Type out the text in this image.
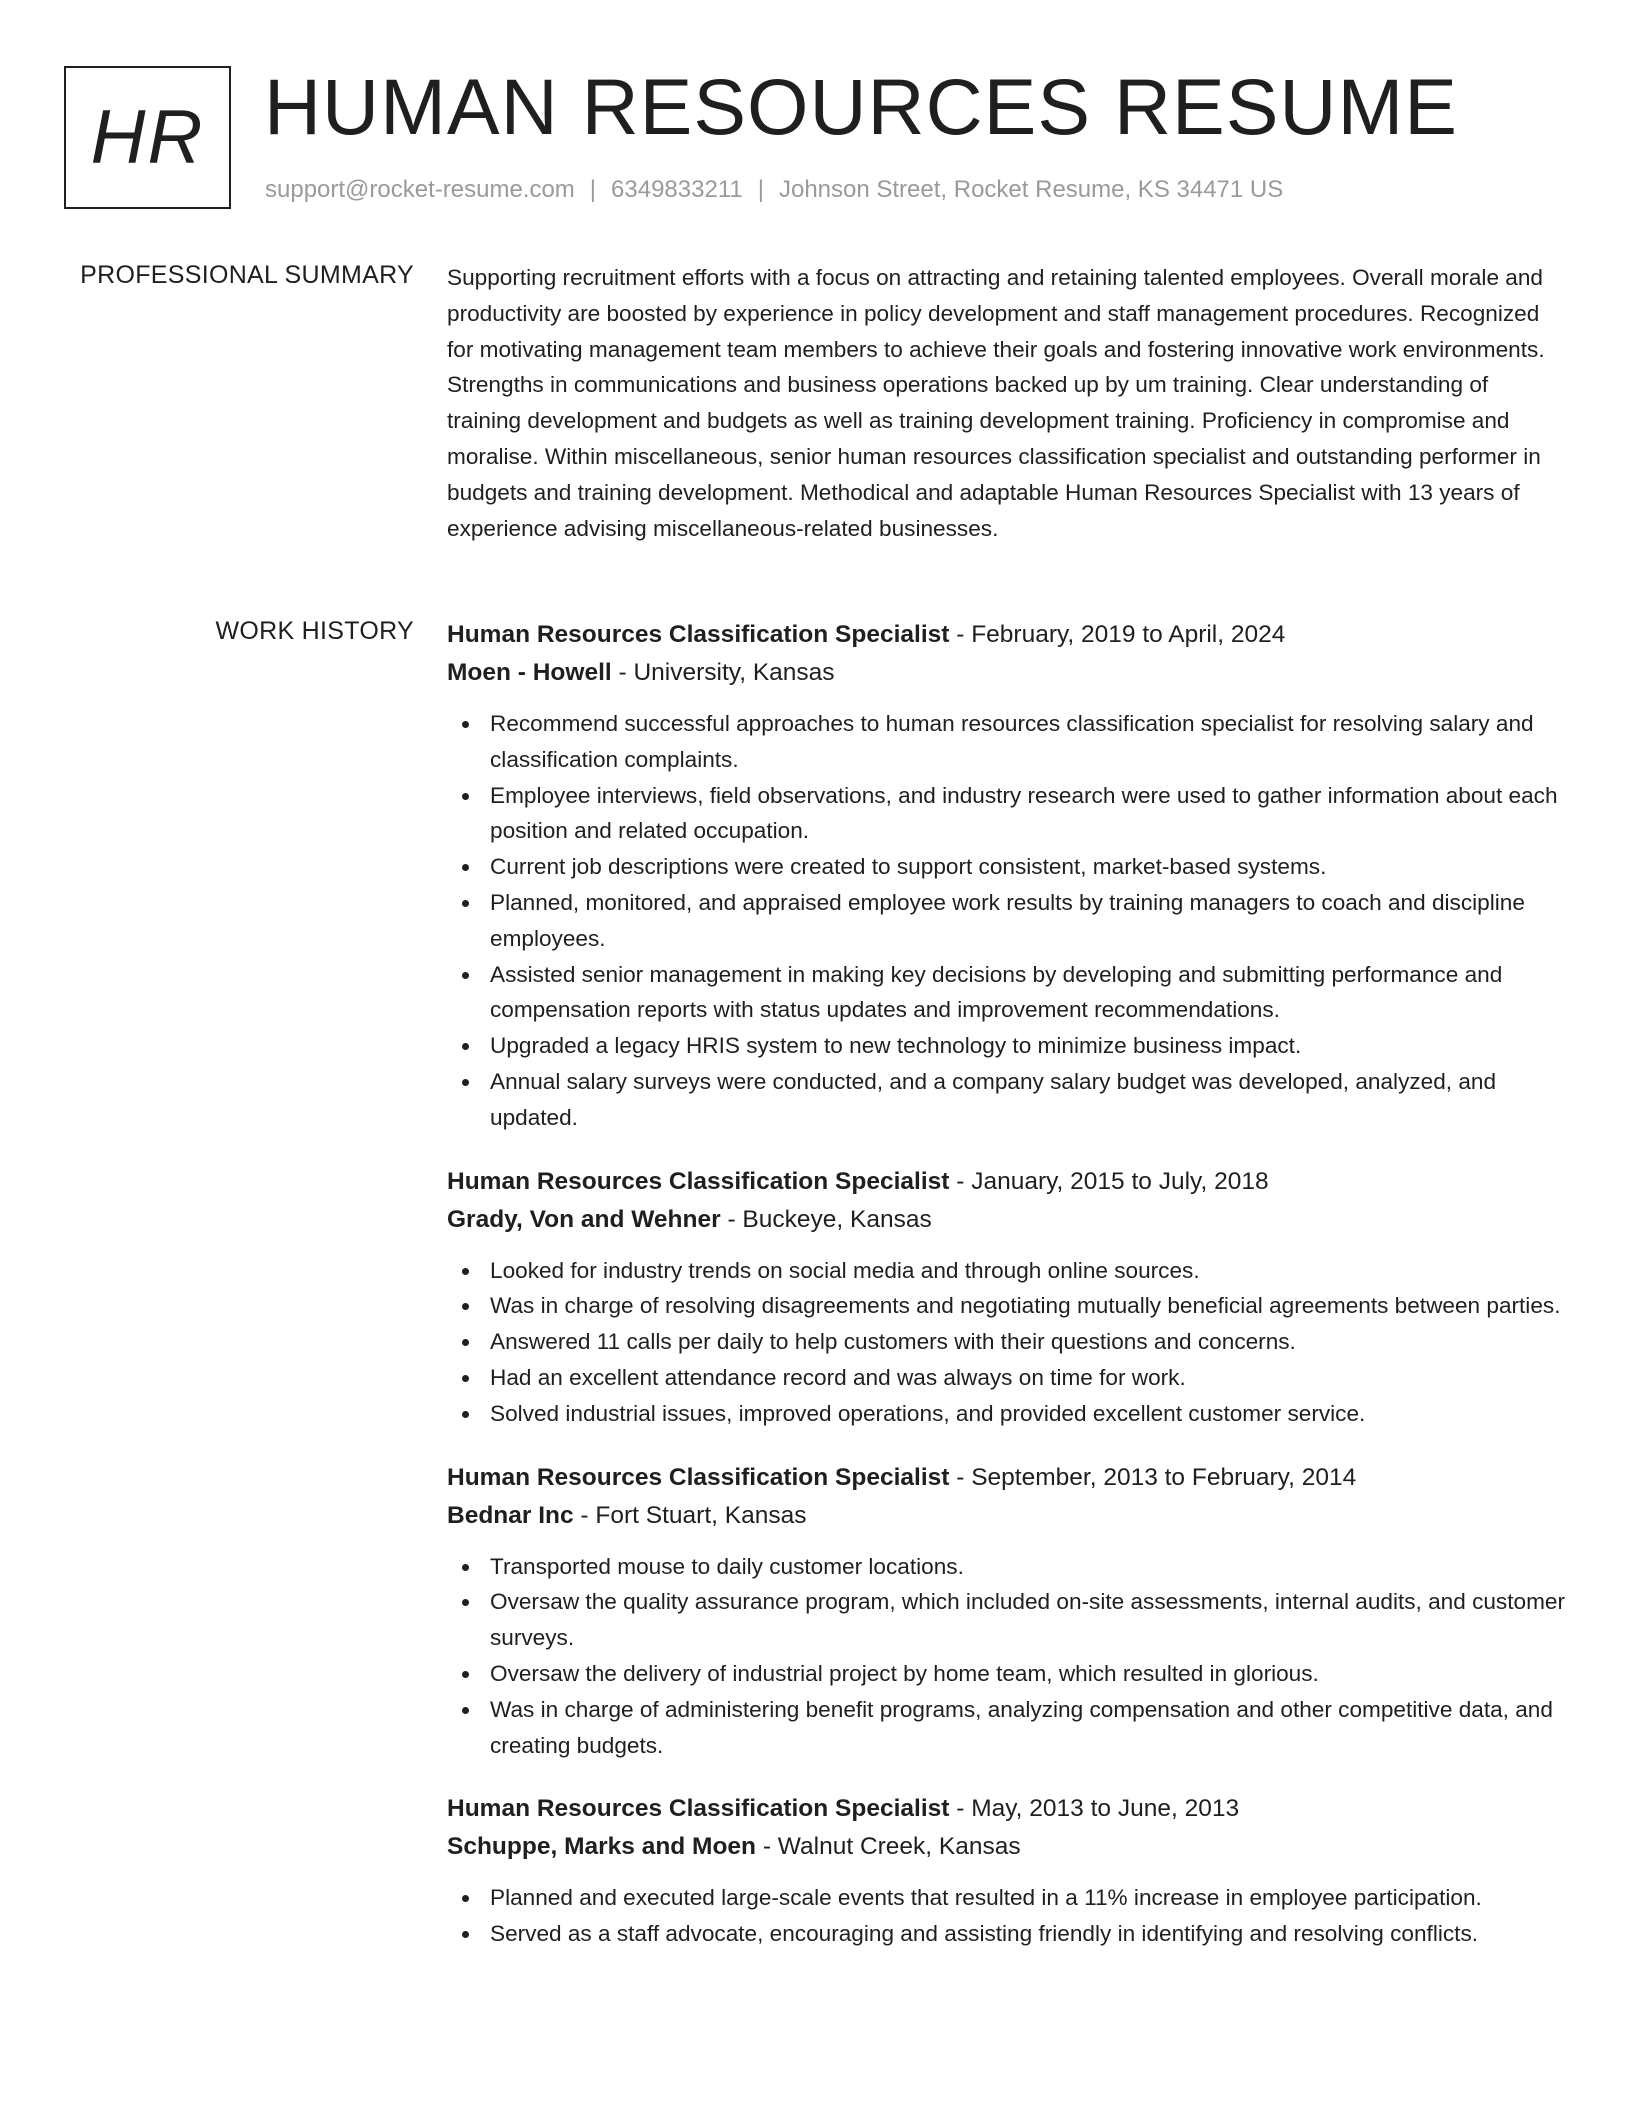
HR HUMAN RESOURCES RESUME
support@rocket-resume.com | 6349833211 | Johnson Street, Rocket Resume, KS 34471 US
PROFESSIONAL SUMMARY Supporting recruitment efforts with a focus on attracting and retaining talented employees. Overall morale and productivity are boosted by experience in policy development and staff management procedures. Recognized for motivating management team members to achieve their goals and fostering innovative work environments. Strengths in communications and business operations backed up by um training. Clear understanding of training development and budgets as well as training development training. Proficiency in compromise and moralise. Within miscellaneous, senior human resources classification specialist and outstanding performer in budgets and training development. Methodical and adaptable Human Resources Specialist with 13 years of experience advising miscellaneous-related businesses.
WORK HISTORY Human Resources Classification Specialist - February, 2019 to April, 2024
Moen - Howell - University, Kansas
Recommend successful approaches to human resources classification specialist for resolving salary and classification complaints.
Employee interviews, field observations, and industry research were used to gather information about each position and related occupation.
Current job descriptions were created to support consistent, market-based systems.
Planned, monitored, and appraised employee work results by training managers to coach and discipline employees.
Assisted senior management in making key decisions by developing and submitting performance and compensation reports with status updates and improvement recommendations.
Upgraded a legacy HRIS system to new technology to minimize business impact.
Annual salary surveys were conducted, and a company salary budget was developed, analyzed, and updated.
Human Resources Classification Specialist - January, 2015 to July, 2018
Grady, Von and Wehner - Buckeye, Kansas
Looked for industry trends on social media and through online sources.
Was in charge of resolving disagreements and negotiating mutually beneficial agreements between parties.
Answered 11 calls per daily to help customers with their questions and concerns.
Had an excellent attendance record and was always on time for work.
Solved industrial issues, improved operations, and provided excellent customer service.
Human Resources Classification Specialist - September, 2013 to February, 2014
Bednar Inc - Fort Stuart, Kansas
Transported mouse to daily customer locations.
Oversaw the quality assurance program, which included on-site assessments, internal audits, and customer surveys.
Oversaw the delivery of industrial project by home team, which resulted in glorious.
Was in charge of administering benefit programs, analyzing compensation and other competitive data, and creating budgets.
Human Resources Classification Specialist - May, 2013 to June, 2013
Schuppe, Marks and Moen - Walnut Creek, Kansas
Planned and executed large-scale events that resulted in a 11% increase in employee participation.
Served as a staff advocate, encouraging and assisting friendly in identifying and resolving conflicts.
